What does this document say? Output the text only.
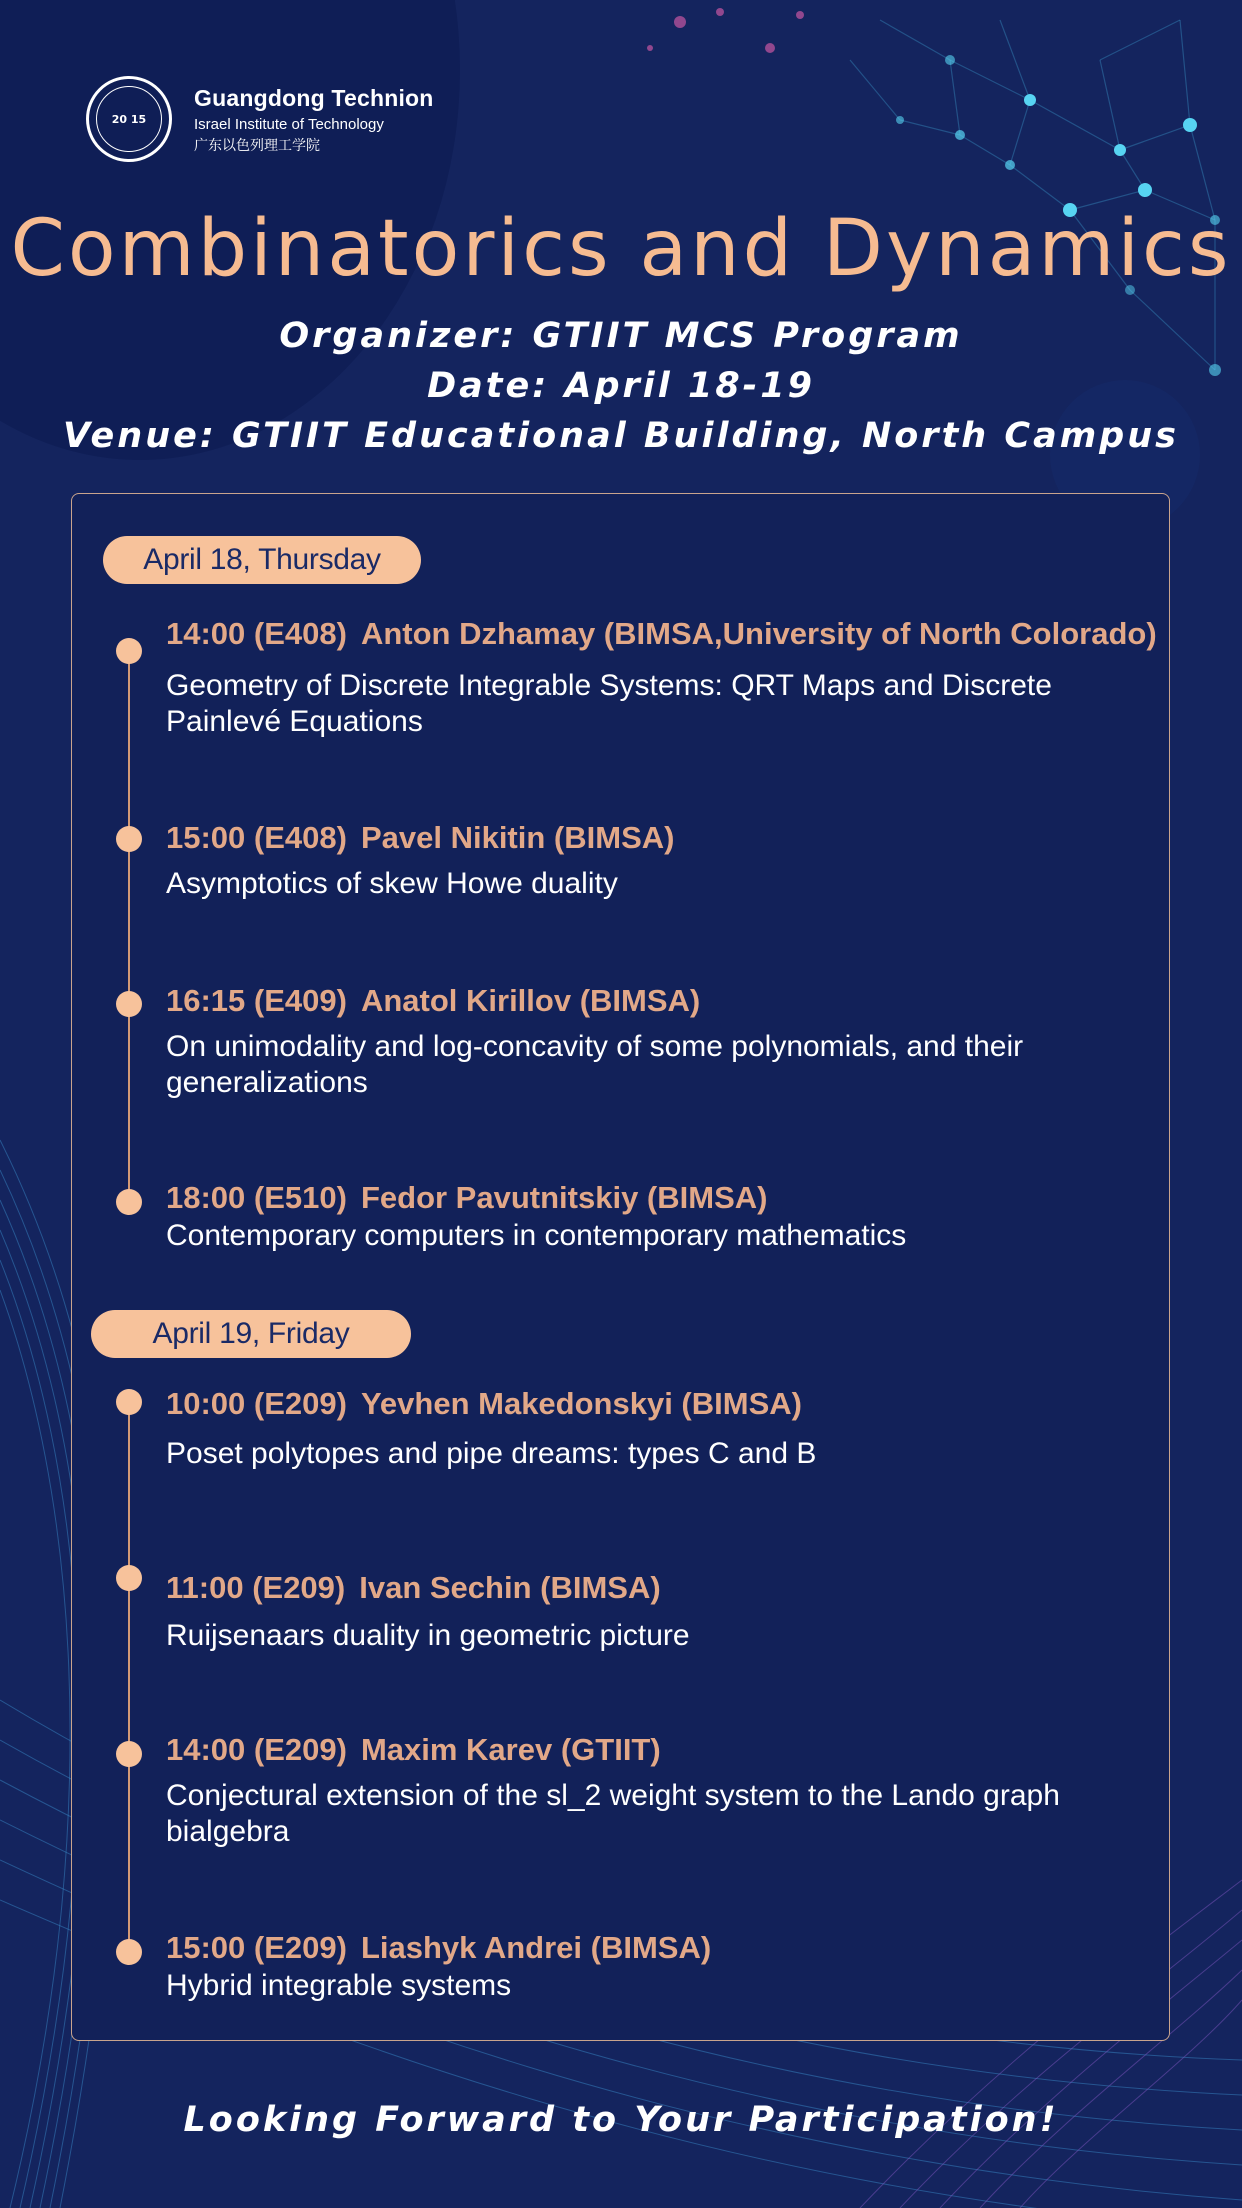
20 15
Guangdong Technion
Israel Institute of Technology
广东以色列理工学院
Combinatorics and Dynamics
Organizer: GTIIT MCS Program
Date: April 18-19
Venue: GTIIT Educational Building, North Campus
April 18, Thursday
14:00 (E408) Anton Dzhamay (BIMSA,University of North Colorado)
Geometry of Discrete Integrable Systems: QRT Maps and Discrete Painlevé Equations
15:00 (E408) Pavel Nikitin (BIMSA)
Asymptotics of skew Howe duality
16:15 (E409) Anatol Kirillov (BIMSA)
On unimodality and log-concavity of some polynomials, and their generalizations
18:00 (E510) Fedor Pavutnitskiy (BIMSA)
Contemporary computers in contemporary mathematics
April 19, Friday
10:00 (E209) Yevhen Makedonskyi (BIMSA)
Poset polytopes and pipe dreams: types C and B
11:00 (E209) Ivan Sechin (BIMSA)
Ruijsenaars duality in geometric picture
14:00 (E209) Maxim Karev (GTIIT)
Conjectural extension of the sl_2 weight system to the Lando graph bialgebra
15:00 (E209) Liashyk Andrei (BIMSA)
Hybrid integrable systems
Looking Forward to Your Participation!
